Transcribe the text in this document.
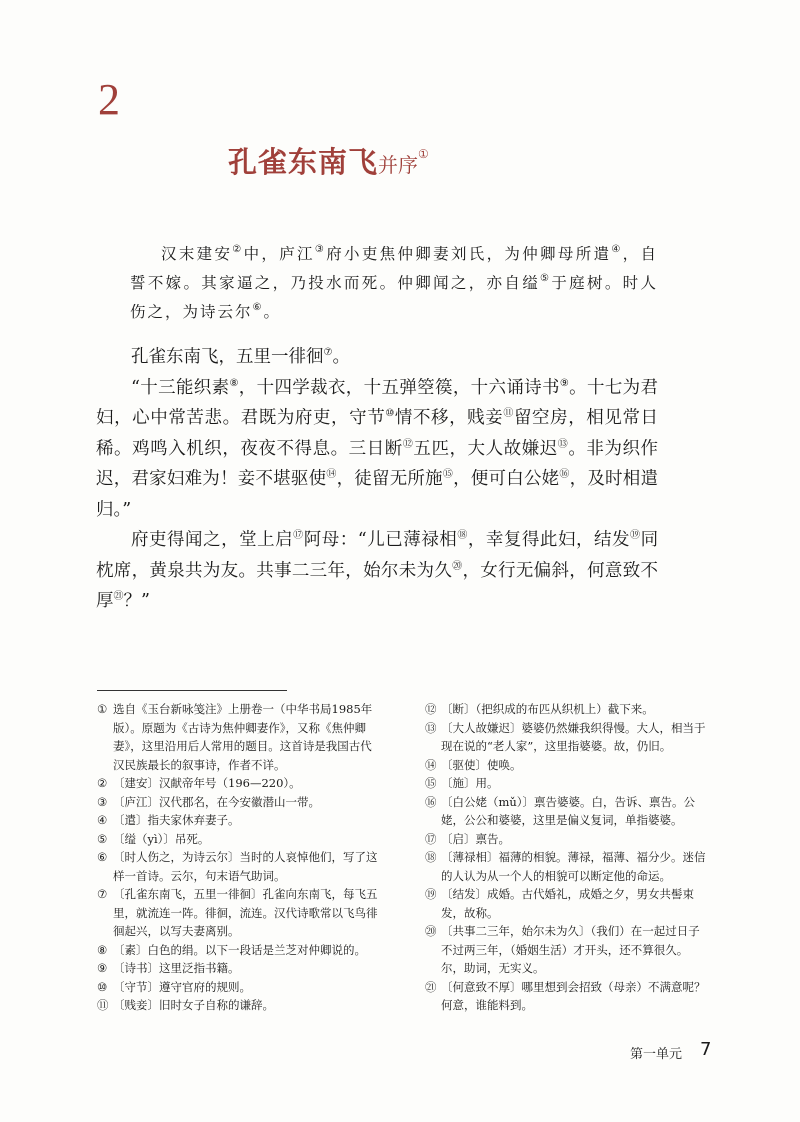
2
孔雀东南飞并序①
汉末建安②中，庐江③府小吏焦仲卿妻刘氏，为仲卿母所遣④，自誓不嫁。其家逼之，乃投水而死。仲卿闻之，亦自缢⑤于庭树。时人伤之，为诗云尔⑥。

孔雀东南飞，五里一徘徊⑦。

“十三能织素⑧，十四学裁衣，十五弹箜篌，十六诵诗书⑨。十七为君妇，心中常苦悲。君既为府吏，守节⑩情不移，贱妾⑪留空房，相见常日稀。鸡鸣入机织，夜夜不得息。三日断⑫五匹，大人故嫌迟⑬。非为织作迟，君家妇难为！妾不堪驱使⑭，徒留无所施⑮，便可白公姥⑯，及时相遣归。”

府吏得闻之，堂上启⑰阿母：“儿已薄禄相⑱，幸复得此妇，结发⑲同枕席，黄泉共为友。共事二三年，始尔未为久⑳，女行无偏斜，何意致不厚$^㉑$？”

① 选自《玉台新咏笺注》上册卷一（中华书局1985年版）。原题为《古诗为焦仲卿妻作》，又称《焦仲卿妻》，这里沿用后人常用的题目。这首诗是我国古代汉民族最长的叙事诗，作者不详。
② 〔建安〕汉献帝年号（196—220）。
③ 〔庐江〕汉代郡名，在今安徽潜山一带。
④ 〔遣〕指夫家休弃妻子。
⑤ 〔缢（yì）〕吊死。
⑥ 〔时人伤之，为诗云尔〕当时的人哀悼他们，写了这样一首诗。云尔，句末语气助词。
⑦ 〔孔雀东南飞，五里一徘徊〕孔雀向东南飞，每飞五里，就流连一阵。徘徊，流连。汉代诗歌常以飞鸟徘徊起兴，以写夫妻离别。
⑧ 〔素〕白色的绢。以下一段话是兰芝对仲卿说的。
⑨ 〔诗书〕这里泛指书籍。
⑩ 〔守节〕遵守官府的规则。
⑪ 〔贱妾〕旧时女子自称的谦辞。
⑫ 〔断〕（把织成的布匹从织机上）截下来。
⑬ 〔大人故嫌迟〕婆婆仍然嫌我织得慢。大人，相当于现在说的“老人家”，这里指婆婆。故，仍旧。
⑭ 〔驱使〕使唤。
⑮ 〔施〕用。
⑯ 〔白公姥（mǔ）〕禀告婆婆。白，告诉、禀告。公姥，公公和婆婆，这里是偏义复词，单指婆婆。
⑰ 〔启〕禀告。
⑱ 〔薄禄相〕福薄的相貌。薄禄，福薄、福分少。迷信的人认为从一个人的相貌可以断定他的命运。
⑲ 〔结发〕成婚。古代婚礼，成婚之夕，男女共髻束发，故称。
⑳ 〔共事二三年，始尔未为久〕（我们）在一起过日子不过两三年，（婚姻生活）才开头，还不算很久。尔，助词，无实义。
㉑ 〔何意致不厚〕哪里想到会招致（母亲）不满意呢？何意，谁能料到。
第一单元 7
